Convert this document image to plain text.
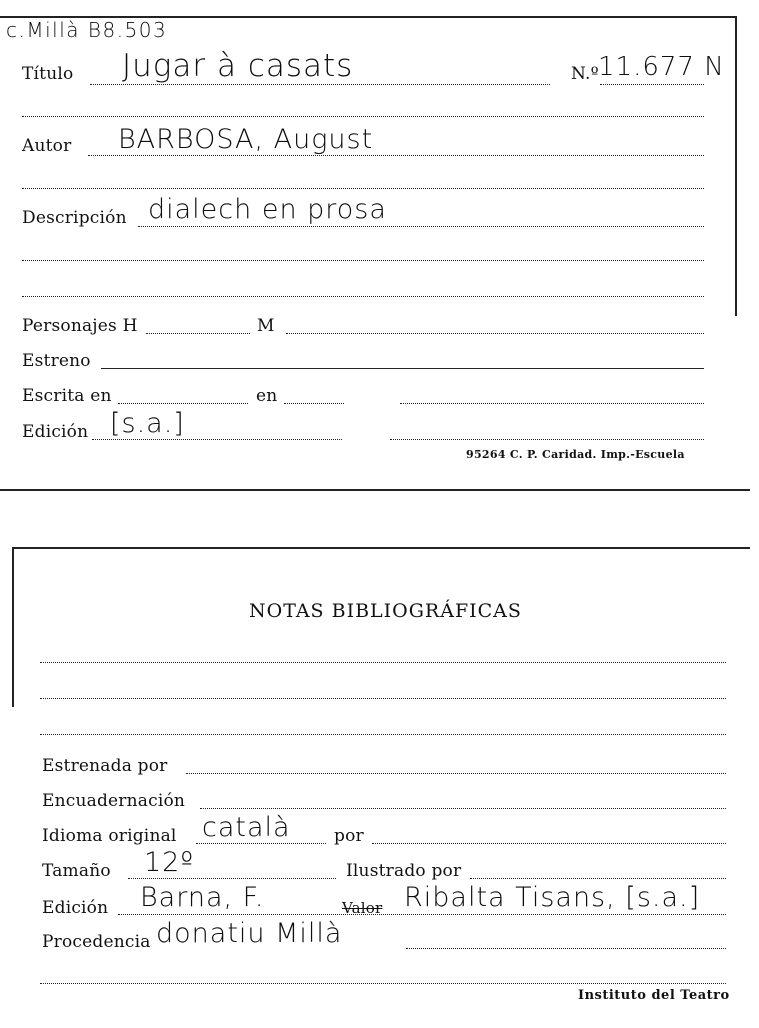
c.Millà B8.503
Título Jugar à casats	N.º 11.677 N
Autor BARBOSA, August
Descripción dialech en prosa
Personajes H	M
Estreno
Escrita en	en
Edición [s.a.]
95264 C. P. Caridad. Imp.-Escuela
NOTAS BIBLIOGRÁFICAS
Estrenada por
Encuadernación
Idioma original català	por
Tamaño 12º	Ilustrado por
Edición Barna, F.	Valor Ribalta Tisans, [s.a.]
Procedencia donatiu Millà
Instituto del Teatro
